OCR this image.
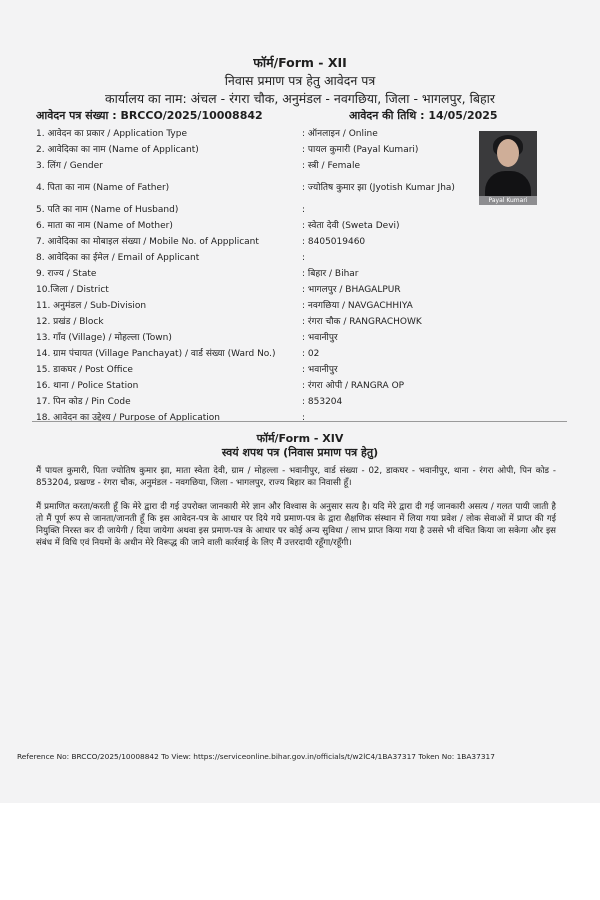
फॉर्म/Form - XII
निवास प्रमाण पत्र हेतु आवेदन पत्र
कार्यालय का नाम: अंचल - रंगरा चौक, अनुमंडल - नवगछिया, जिला - भागलपुर, बिहार
आवेदन पत्र संख्या : BRCCO/2025/10008842	आवेदन की तिथि : 14/05/2025
1. आवेदन का प्रकार / Application Type	: ऑनलाइन / Online
2. आवेदिका का नाम (Name of Applicant)	: पायल कुमारी (Payal Kumari)
3. लिंग / Gender	: स्त्री / Female
4. पिता का नाम (Name of Father)	: ज्योतिष कुमार झा (Jyotish Kumar Jha)
5. पति का नाम (Name of Husband)	:
6. माता का नाम (Name of Mother)	: स्वेता देवी (Sweta Devi)
7. आवेदिका का मोबाइल संख्या / Mobile No. of Appplicant	: 8405019460
8. आवेदिका का ईमेल / Email of Applicant	:
9. राज्य / State	: बिहार / Bihar
10.जिला / District	: भागलपुर / BHAGALPUR
11. अनुमंडल / Sub-Division	: नवगछिया / NAVGACHHIYA
12. प्रखंड / Block	: रंगरा चौक / RANGRACHOWK
13. गाँव (Village) / मोहल्ला (Town)	: भवानीपुर
14. ग्राम पंचायत (Village Panchayat) / वार्ड संख्या (Ward No.)	: 02
15. डाकघर / Post Office	: भवानीपुर
16. थाना / Police Station	: रंगरा ओपी / RANGRA OP
17. पिन कोड / Pin Code	: 853204
18. आवेदन का उद्देश्य / Purpose of Application	:
Payal Kumari
फॉर्म/Form - XIV
स्वयं शपथ पत्र (निवास प्रमाण पत्र हेतु)
मैं पायल कुमारी, पिता ज्योतिष कुमार झा, माता स्वेता देवी, ग्राम / मोहल्ला - भवानीपुर, वार्ड संख्या - 02, डाकघर - भवानीपुर, थाना - रंगरा ओपी, पिन कोड - 853204, प्रखण्ड - रंगरा चौक, अनुमंडल - नवगछिया, जिला - भागलपुर, राज्य बिहार का निवासी हूँ।
मैं प्रमाणित करता/करती हूँ कि मेरे द्वारा दी गई उपरोक्त जानकारी मेरे ज्ञान और विश्वास के अनुसार सत्य है। यदि मेरे द्वारा दी गई जानकारी असत्य / गलत पायी जाती है तो मैं पूर्ण रूप से जानता/जानती हूँ कि इस आवेदन-पत्र के आधार पर दिये गये प्रमाण-पत्र के द्वारा शैक्षणिक संस्थान में लिया गया प्रवेश / लोक सेवाओं में प्राप्त की गई नियुक्ति निरस्त कर दी जायेगी / दिया जायेगा अथवा इस प्रमाण-पत्र के आधार पर कोई अन्य सुविधा / लाभ प्राप्त किया गया है उससे भी वंचित किया जा सकेगा और इस संबंध में विधि एवं नियमों के अधीन मेरे विरूद्ध की जाने वाली कार्रवाई के लिए मैं उत्तरदायी रहूँगा/रहूँगी।
Reference No: BRCCO/2025/10008842 To View: https://serviceonline.bihar.gov.in/officials/t/w2lC4/1BA37317 Token No: 1BA37317
